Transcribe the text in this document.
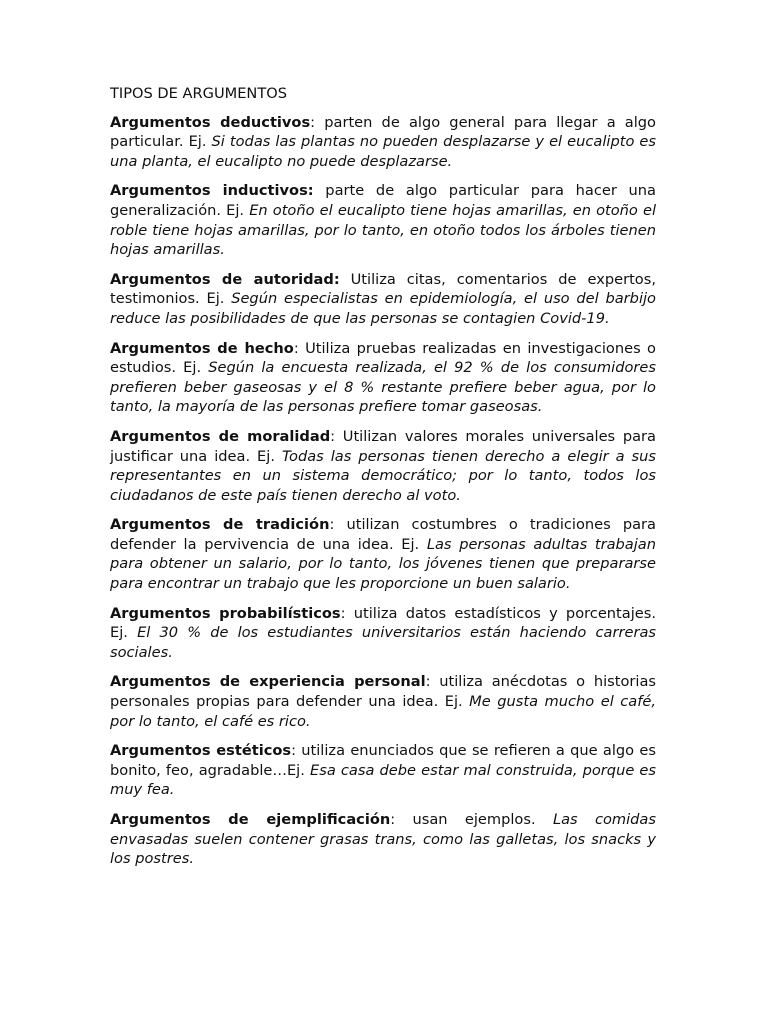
TIPOS DE ARGUMENTOS

Argumentos deductivos: parten de algo general para llegar a algo particular. Ej. Si todas las plantas no pueden desplazarse y el eucalipto es una planta, el eucalipto no puede desplazarse.

Argumentos inductivos: parte de algo particular para hacer una generalización. Ej. En otoño el eucalipto tiene hojas amarillas, en otoño el roble tiene hojas amarillas, por lo tanto, en otoño todos los árboles tienen hojas amarillas.

Argumentos de autoridad: Utiliza citas, comentarios de expertos, testimonios. Ej. Según especialistas en epidemiología, el uso del barbijo reduce las posibilidades de que las personas se contagien Covid-19.

Argumentos de hecho: Utiliza pruebas realizadas en investigaciones o estudios. Ej. Según la encuesta realizada, el 92 % de los consumidores prefieren beber gaseosas y el 8 % restante prefiere beber agua, por lo tanto, la mayoría de las personas prefiere tomar gaseosas.

Argumentos de moralidad: Utilizan valores morales universales para justificar una idea. Ej. Todas las personas tienen derecho a elegir a sus representantes en un sistema democrático; por lo tanto, todos los ciudadanos de este país tienen derecho al voto.

Argumentos de tradición: utilizan costumbres o tradiciones para defender la pervivencia de una idea. Ej. Las personas adultas trabajan para obtener un salario, por lo tanto, los jóvenes tienen que prepararse para encontrar un trabajo que les proporcione un buen salario.

Argumentos probabilísticos: utiliza datos estadísticos y porcentajes. Ej. El 30 % de los estudiantes universitarios están haciendo carreras sociales.

Argumentos de experiencia personal: utiliza anécdotas o historias personales propias para defender una idea. Ej. Me gusta mucho el café, por lo tanto, el café es rico.

Argumentos estéticos: utiliza enunciados que se refieren a que algo es bonito, feo, agradable…Ej. Esa casa debe estar mal construida, porque es muy fea.

Argumentos de ejemplificación: usan ejemplos. Las comidas envasadas suelen contener grasas trans, como las galletas, los snacks y los postres.
